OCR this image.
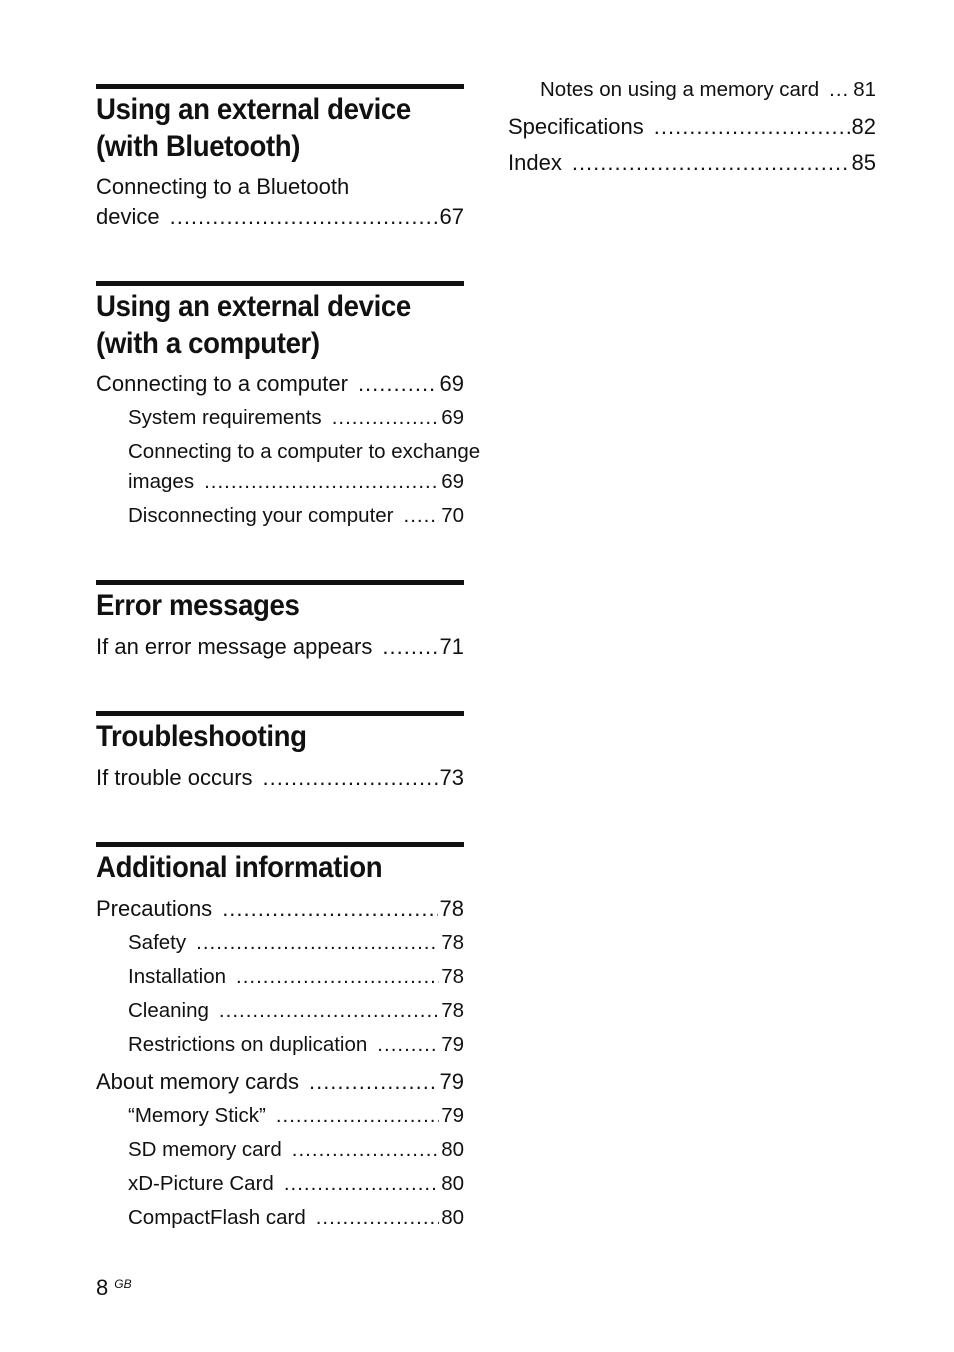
Using an external device
(with Bluetooth)
Connecting to a Bluetooth
device .....	67
Using an external device
(with a computer)
Connecting to a computer .....	69
System requirements .....	69
Connecting to a computer to exchange
images .....	69
Disconnecting your computer ..... 70
Error messages
If an error message appears .....	71
Troubleshooting
If trouble occurs .....	73
Additional information
Precautions .....	78
Safety .....	78
Installation .....	78
Cleaning .....	78
Restrictions on duplication .....	79
About memory cards .....	79
“Memory Stick” .....	79
SD memory card .....	80
xD-Picture Card .....	80
CompactFlash card .....	80
Notes on using a memory card ..... 81
Specifications .....	82
Index .....	85
8 $^{GB}$
